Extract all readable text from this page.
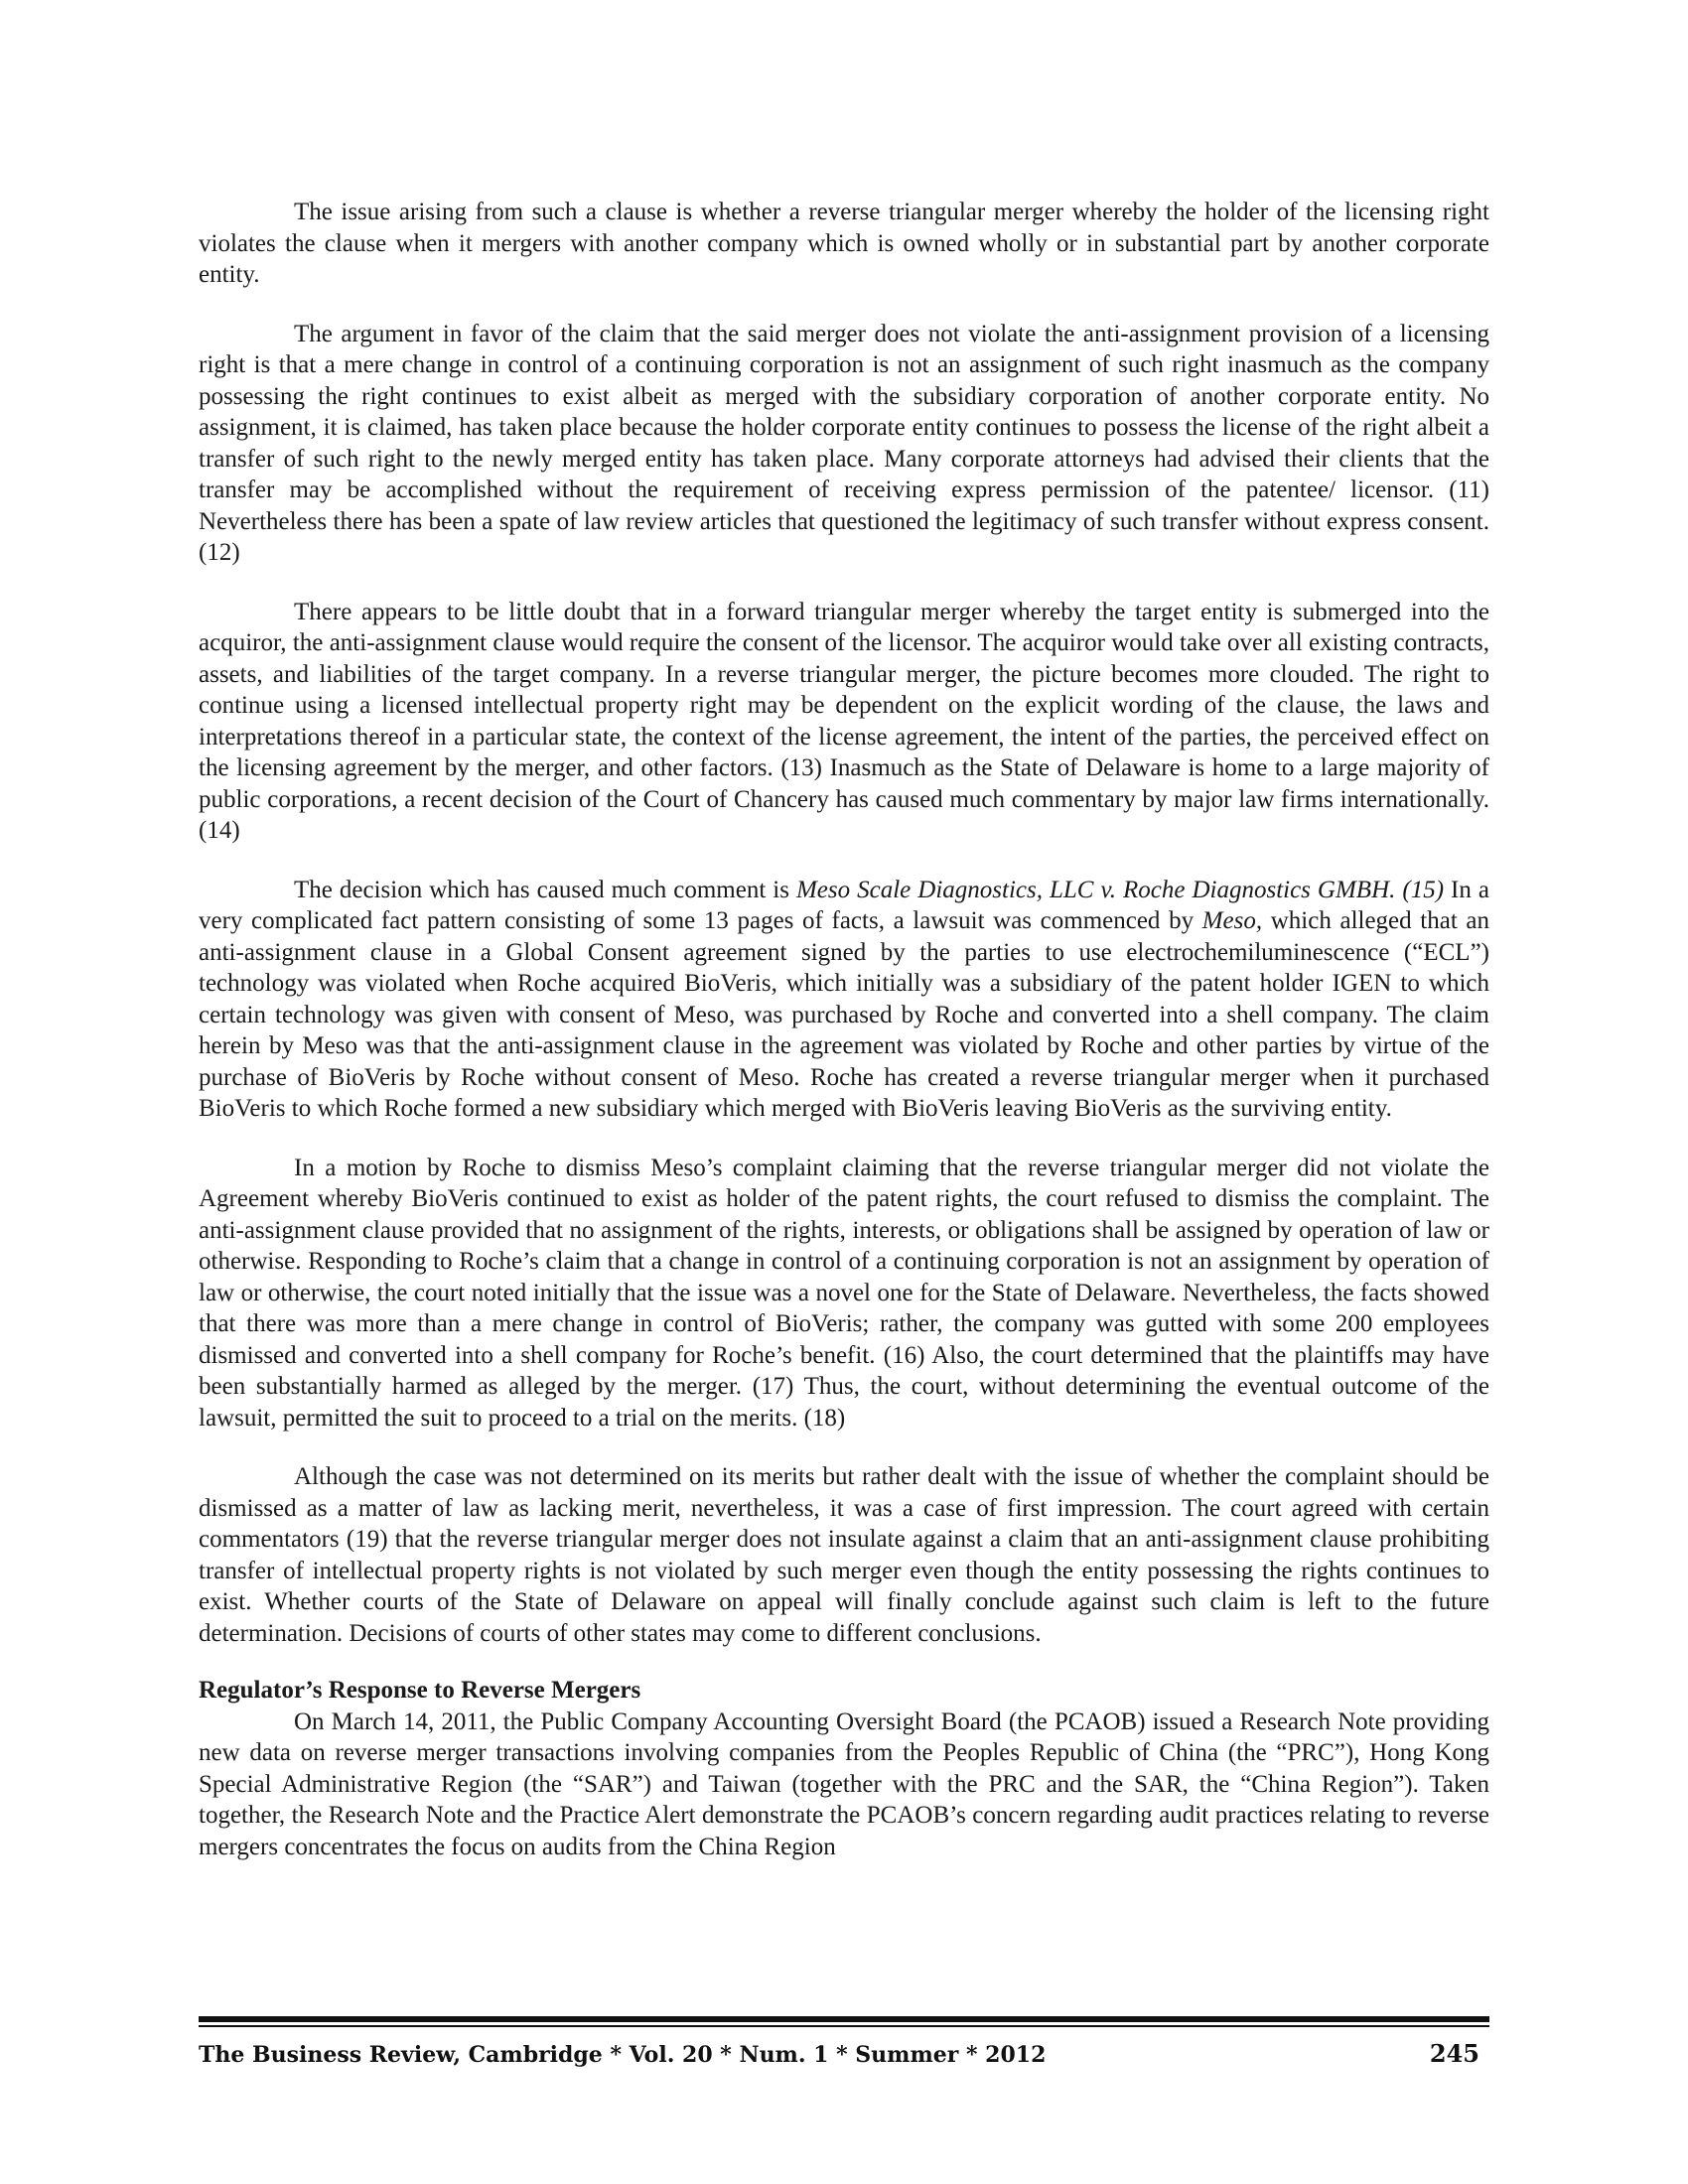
The issue arising from such a clause is whether a reverse triangular merger whereby the holder of the licensing right violates the clause when it mergers with another company which is owned wholly or in substantial part by another corporate entity.

The argument in favor of the claim that the said merger does not violate the anti-assignment provision of a licensing right is that a mere change in control of a continuing corporation is not an assignment of such right inasmuch as the company possessing the right continues to exist albeit as merged with the subsidiary corporation of another corporate entity. No assignment, it is claimed, has taken place because the holder corporate entity continues to possess the license of the right albeit a transfer of such right to the newly merged entity has taken place. Many corporate attorneys had advised their clients that the transfer may be accomplished without the requirement of receiving express permission of the patentee/ licensor. (11) Nevertheless there has been a spate of law review articles that questioned the legitimacy of such transfer without express consent. (12)

There appears to be little doubt that in a forward triangular merger whereby the target entity is submerged into the acquiror, the anti-assignment clause would require the consent of the licensor. The acquiror would take over all existing contracts, assets, and liabilities of the target company. In a reverse triangular merger, the picture becomes more clouded. The right to continue using a licensed intellectual property right may be dependent on the explicit wording of the clause, the laws and interpretations thereof in a particular state, the context of the license agreement, the intent of the parties, the perceived effect on the licensing agreement by the merger, and other factors. (13) Inasmuch as the State of Delaware is home to a large majority of public corporations, a recent decision of the Court of Chancery has caused much commentary by major law firms internationally. (14)

The decision which has caused much comment is Meso Scale Diagnostics, LLC v. Roche Diagnostics GMBH. (15) In a very complicated fact pattern consisting of some 13 pages of facts, a lawsuit was commenced by Meso, which alleged that an anti-assignment clause in a Global Consent agreement signed by the parties to use electrochemiluminescence (“ECL”) technology was violated when Roche acquired BioVeris, which initially was a subsidiary of the patent holder IGEN to which certain technology was given with consent of Meso, was purchased by Roche and converted into a shell company. The claim herein by Meso was that the anti-assignment clause in the agreement was violated by Roche and other parties by virtue of the purchase of BioVeris by Roche without consent of Meso. Roche has created a reverse triangular merger when it purchased BioVeris to which Roche formed a new subsidiary which merged with BioVeris leaving BioVeris as the surviving entity.

In a motion by Roche to dismiss Meso’s complaint claiming that the reverse triangular merger did not violate the Agreement whereby BioVeris continued to exist as holder of the patent rights, the court refused to dismiss the complaint. The anti-assignment clause provided that no assignment of the rights, interests, or obligations shall be assigned by operation of law or otherwise. Responding to Roche’s claim that a change in control of a continuing corporation is not an assignment by operation of law or otherwise, the court noted initially that the issue was a novel one for the State of Delaware. Nevertheless, the facts showed that there was more than a mere change in control of BioVeris; rather, the company was gutted with some 200 employees dismissed and converted into a shell company for Roche’s benefit. (16) Also, the court determined that the plaintiffs may have been substantially harmed as alleged by the merger. (17) Thus, the court, without determining the eventual outcome of the lawsuit, permitted the suit to proceed to a trial on the merits. (18)

Although the case was not determined on its merits but rather dealt with the issue of whether the complaint should be dismissed as a matter of law as lacking merit, nevertheless, it was a case of first impression. The court agreed with certain commentators (19) that the reverse triangular merger does not insulate against a claim that an anti-assignment clause prohibiting transfer of intellectual property rights is not violated by such merger even though the entity possessing the rights continues to exist. Whether courts of the State of Delaware on appeal will finally conclude against such claim is left to the future determination. Decisions of courts of other states may come to different conclusions.

Regulator’s Response to Reverse Mergers

On March 14, 2011, the Public Company Accounting Oversight Board (the PCAOB) issued a Research Note providing new data on reverse merger transactions involving companies from the Peoples Republic of China (the “PRC”), Hong Kong Special Administrative Region (the “SAR”) and Taiwan (together with the PRC and the SAR, the “China Region”). Taken together, the Research Note and the Practice Alert demonstrate the PCAOB’s concern regarding audit practices relating to reverse mergers concentrates the focus on audits from the China Region

The Business Review, Cambridge * Vol. 20 * Num. 1 * Summer * 2012	245
